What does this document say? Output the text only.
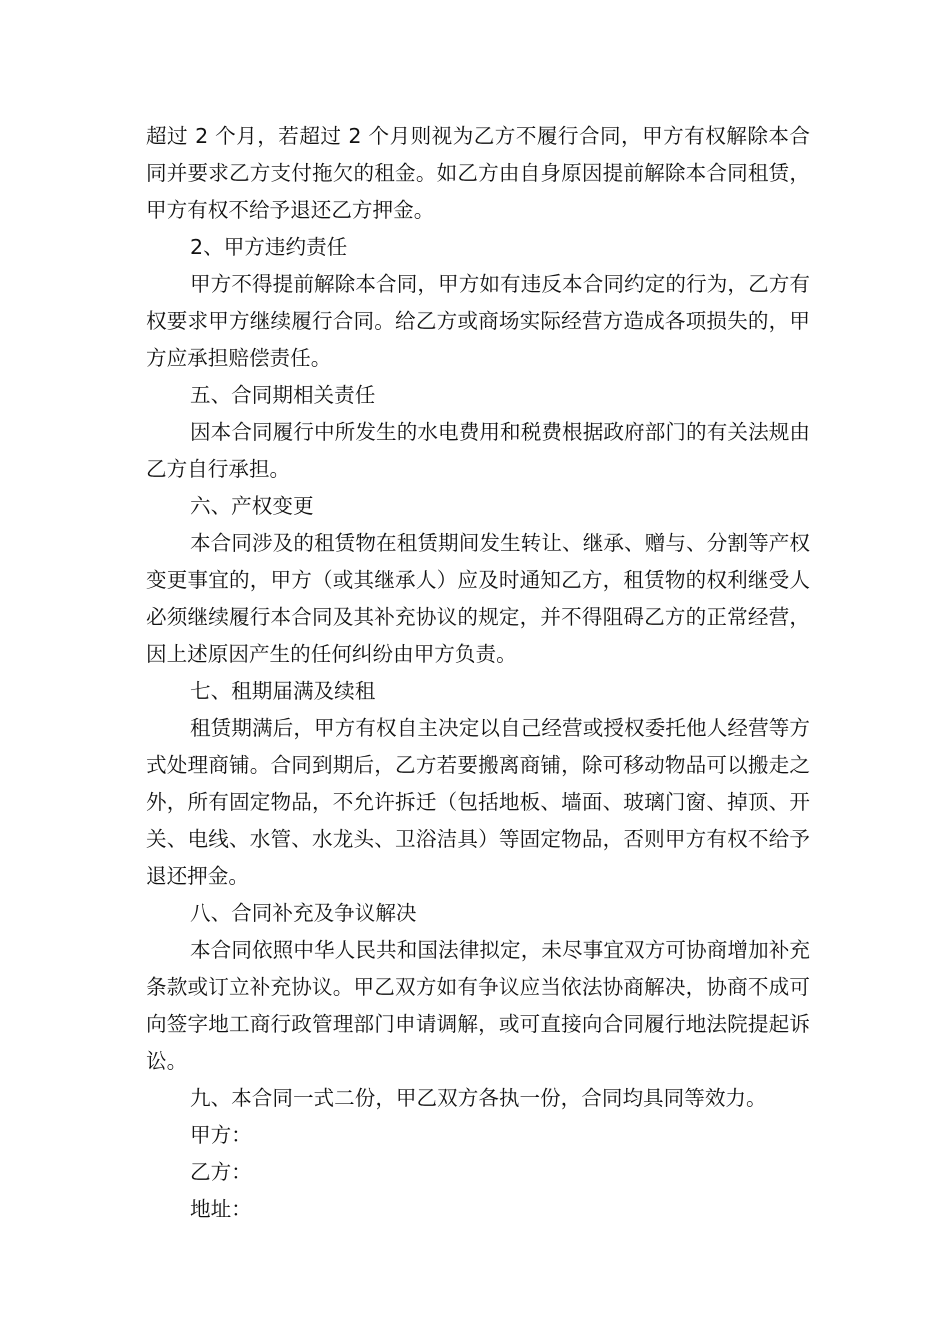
超过 2 个月，若超过 2 个月则视为乙方不履行合同，甲方有权解除本合同并要求乙方支付拖欠的租金。如乙方由自身原因提前解除本合同租赁，甲方有权不给予退还乙方押金。

2、甲方违约责任

甲方不得提前解除本合同，甲方如有违反本合同约定的行为，乙方有权要求甲方继续履行合同。给乙方或商场实际经营方造成各项损失的，甲方应承担赔偿责任。

五、合同期相关责任

因本合同履行中所发生的水电费用和税费根据政府部门的有关法规由乙方自行承担。

六、产权变更

本合同涉及的租赁物在租赁期间发生转让、继承、赠与、分割等产权变更事宜的，甲方（或其继承人）应及时通知乙方，租赁物的权利继受人必须继续履行本合同及其补充协议的规定，并不得阻碍乙方的正常经营，因上述原因产生的任何纠纷由甲方负责。

七、租期届满及续租

租赁期满后，甲方有权自主决定以自己经营或授权委托他人经营等方式处理商铺。合同到期后，乙方若要搬离商铺，除可移动物品可以搬走之外，所有固定物品，不允许拆迁（包括地板、墙面、玻璃门窗、掉顶、开关、电线、水管、水龙头、卫浴洁具）等固定物品，否则甲方有权不给予退还押金。

八、合同补充及争议解决

本合同依照中华人民共和国法律拟定，未尽事宜双方可协商增加补充条款或订立补充协议。甲乙双方如有争议应当依法协商解决，协商不成可向签字地工商行政管理部门申请调解，或可直接向合同履行地法院提起诉讼。

九、本合同一式二份，甲乙双方各执一份，合同均具同等效力。

甲方：

乙方：

地址：
